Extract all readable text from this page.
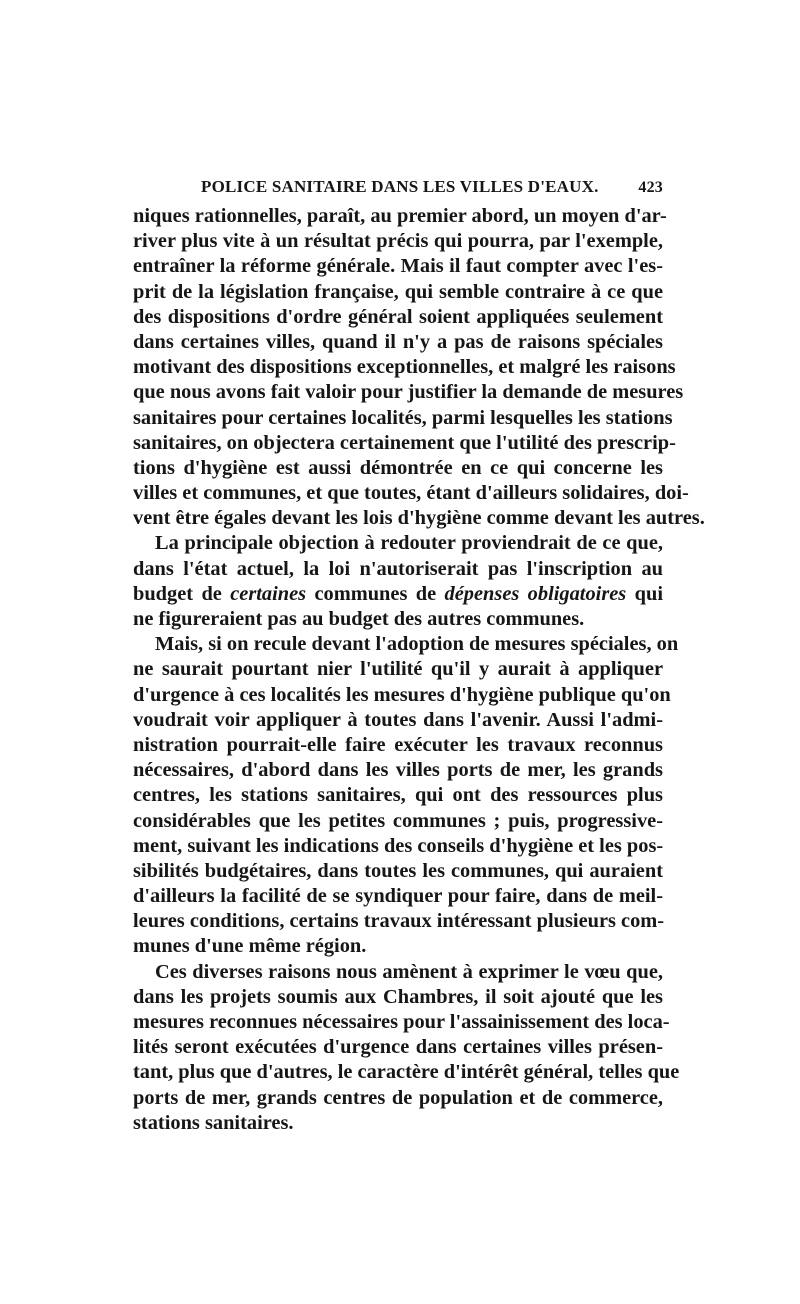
POLICE SANITAIRE DANS LES VILLES D'EAUX. 423
niques rationnelles, paraît, au premier abord, un moyen d'ar-
river plus vite à un résultat précis qui pourra, par l'exemple,
entraîner la réforme générale. Mais il faut compter avec l'es-
prit de la législation française, qui semble contraire à ce que
des dispositions d'ordre général soient appliquées seulement
dans certaines villes, quand il n'y a pas de raisons spéciales
motivant des dispositions exceptionnelles, et malgré les raisons
que nous avons fait valoir pour justifier la demande de mesures
sanitaires pour certaines localités, parmi lesquelles les stations
sanitaires, on objectera certainement que l'utilité des prescrip-
tions d'hygiène est aussi démontrée en ce qui concerne les
villes et communes, et que toutes, étant d'ailleurs solidaires, doi-
vent être égales devant les lois d'hygiène comme devant les autres.
La principale objection à redouter proviendrait de ce que,
dans l'état actuel, la loi n'autoriserait pas l'inscription au
budget de certaines communes de dépenses obligatoires qui
ne figureraient pas au budget des autres communes.
Mais, si on recule devant l'adoption de mesures spéciales, on
ne saurait pourtant nier l'utilité qu'il y aurait à appliquer
d'urgence à ces localités les mesures d'hygiène publique qu'on
voudrait voir appliquer à toutes dans l'avenir. Aussi l'admi-
nistration pourrait-elle faire exécuter les travaux reconnus
nécessaires, d'abord dans les villes ports de mer, les grands
centres, les stations sanitaires, qui ont des ressources plus
considérables que les petites communes ; puis, progressive-
ment, suivant les indications des conseils d'hygiène et les pos-
sibilités budgétaires, dans toutes les communes, qui auraient
d'ailleurs la facilité de se syndiquer pour faire, dans de meil-
leures conditions, certains travaux intéressant plusieurs com-
munes d'une même région.
Ces diverses raisons nous amènent à exprimer le vœu que,
dans les projets soumis aux Chambres, il soit ajouté que les
mesures reconnues nécessaires pour l'assainissement des loca-
lités seront exécutées d'urgence dans certaines villes présen-
tant, plus que d'autres, le caractère d'intérêt général, telles que
ports de mer, grands centres de population et de commerce,
stations sanitaires.
